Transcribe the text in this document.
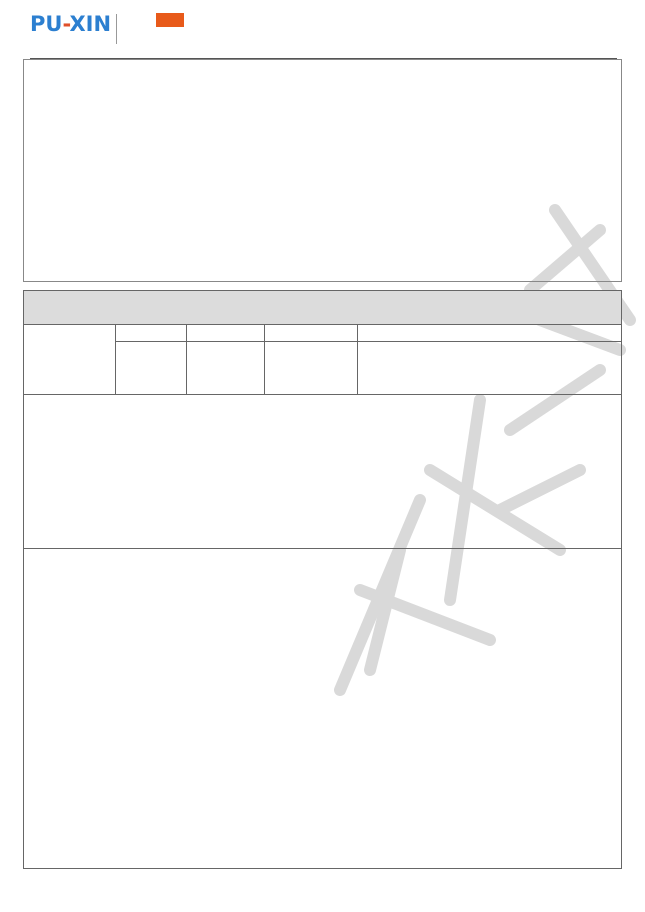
PU-XIN
